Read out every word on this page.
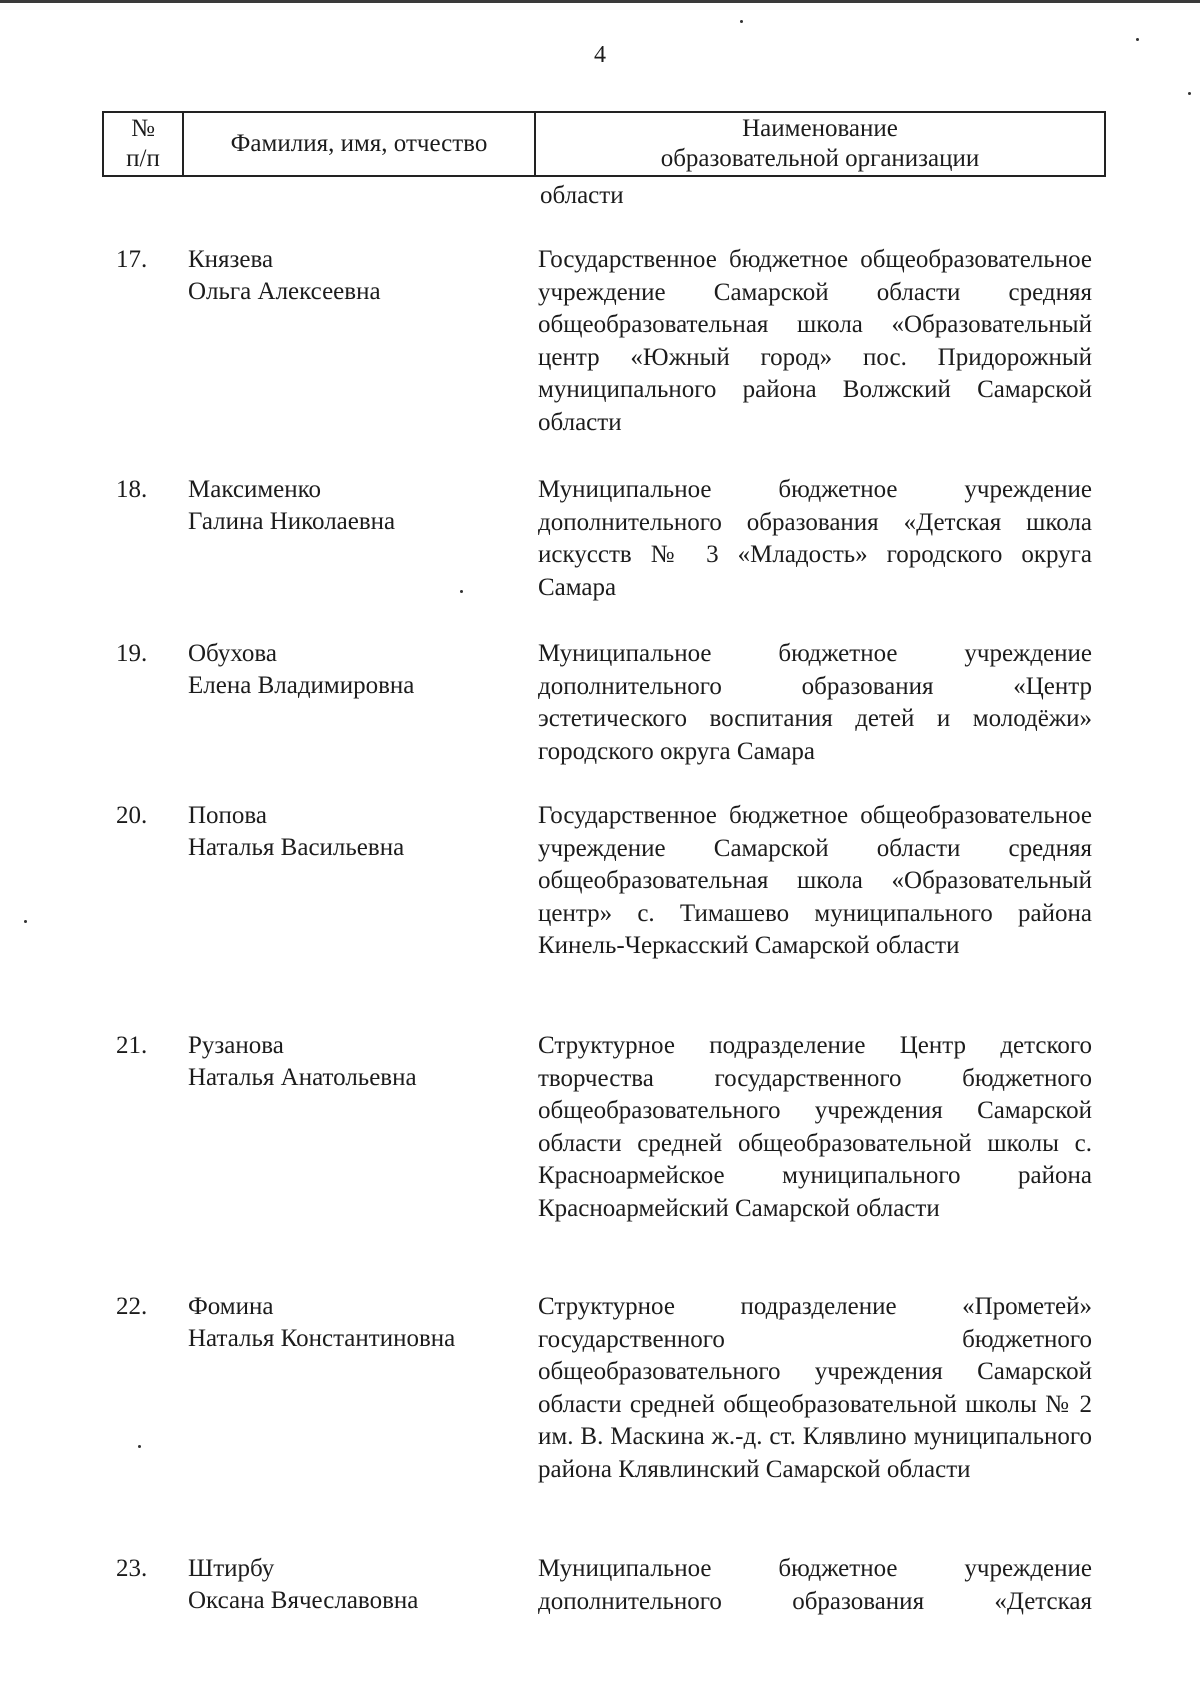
4
№
п/п
Фамилия, имя, отчество
Наименование
образовательной организации
области
17. Князева
Ольга Алексеевна
Государственное бюджетное общеобразовательное учреждение Самарской области средняя общеобразовательная школа «Образовательный центр «Южный город» пос. Придорожный муниципального района Волжский Самарской области
18. Максименко
Галина Николаевна
Муниципальное бюджетное учреждение дополнительного образования «Детская школа искусств № 3 «Младость» городского округа Самара
19. Обухова
Елена Владимировна
Муниципальное бюджетное учреждение дополнительного образования «Центр эстетического воспитания детей и молодёжи» городского округа Самара
20. Попова
Наталья Васильевна
Государственное бюджетное общеобразовательное учреждение Самарской области средняя общеобразовательная школа «Образовательный центр» с. Тимашево муниципального района Кинель-Черкасский Самарской области
21. Рузанова
Наталья Анатольевна
Структурное подразделение Центр детского творчества государственного бюджетного общеобразовательного учреждения Самарской области средней общеобразовательной школы с. Красноармейское муниципального района Красноармейский Самарской области
22. Фомина
Наталья Константиновна
Структурное подразделение «Прометей» государственного бюджетного общеобразовательного учреждения Самарской области средней общеобразовательной школы № 2 им. В. Маскина ж.-д. ст. Клявлино муниципального района Клявлинский Самарской области
23. Штирбу
Оксана Вячеславовна
Муниципальное бюджетное учреждение дополнительного образования «Детская
